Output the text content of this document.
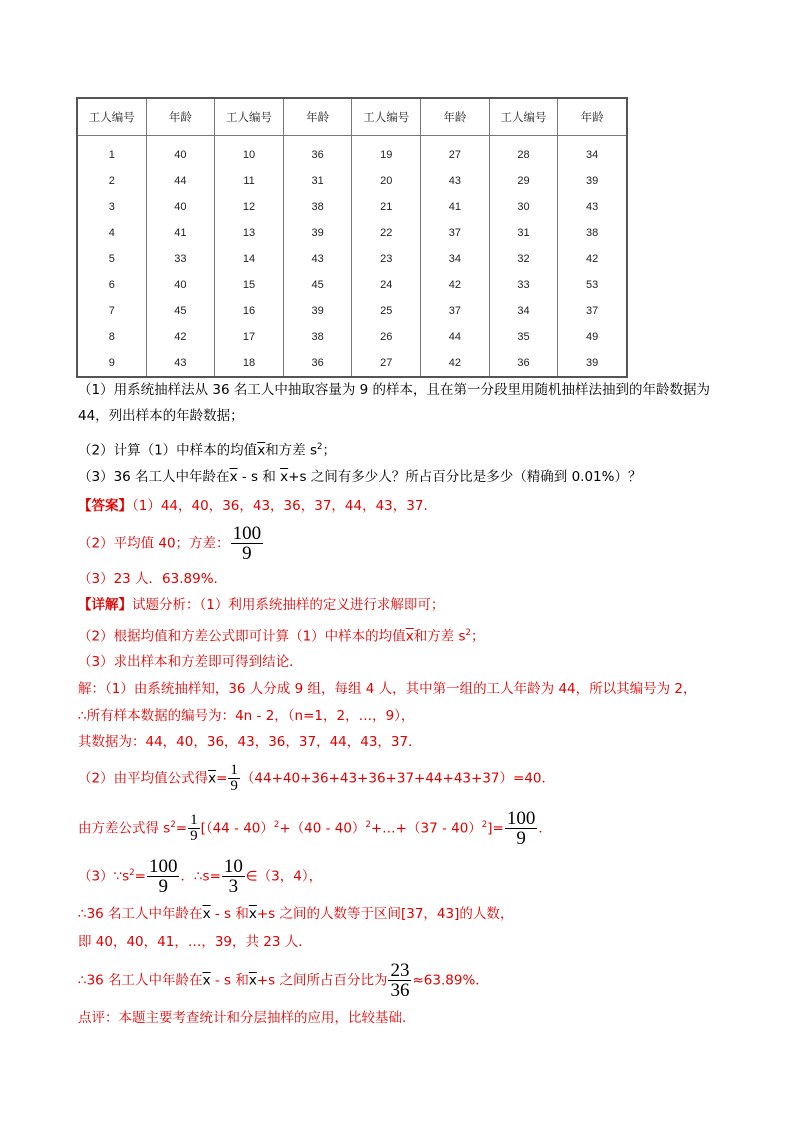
工人编号	年龄	工人编号	年龄	工人编号	年龄	工人编号	年龄
1	40	10	36	19	27	28	34
2	44	11	31	20	43	29	39
3	40	12	38	21	41	30	43
4	41	13	39	22	37	31	38
5	33	14	43	23	34	32	42
6	40	15	45	24	42	33	53
7	45	16	39	25	37	34	37
8	42	17	38	26	44	35	49
9	43	18	36	27	42	36	39
（1）用系统抽样法从 36 名工人中抽取容量为 9 的样本，且在第一分段里用随机抽样法抽到的年龄数据为
44，列出样本的年龄数据；
（2）计算（1）中样本的均值$\overline{x}$和方差 $s^2$；
（3）36 名工人中年龄在$\overline{x}$ - s 和 $\overline{x}+s$ 之间有多少人？所占百分比是多少（精确到 0.01%）？
【答案】（1）44，40，36，43，36，37，44，43，37.
（2）平均值 40；方差： $\frac{100}{9}$
（3）23 人．63.89%．
【详解】试题分析：（1）利用系统抽样的定义进行求解即可；
（2）根据均值和方差公式即可计算（1）中样本的均值$\overline{x}$和方差 $s^2$；
（3）求出样本和方差即可得到结论．
解：（1）由系统抽样知，36 人分成 9 组，每组 4 人，其中第一组的工人年龄为 44，所以其编号为 2，
∴所有样本数据的编号为：4n - 2，（n=1，2，…，9），
其数据为：44，40，36，43，36，37，44，43，37．
（2）由平均值公式得$\overline{x}= \frac{1}{9} (44+40+36+43+36+37+44+43+37)=40$．
由方差公式得 $s^2= \frac{1}{9} [(44 - 40)^2+(40$ - 40）$^2$+…+（37 - $40)^2]= \frac{100}{9}$ ．
$(3)\because s^2= \frac{100}{9}$ ．∴s= $\frac{10}{3}$ ∈（3，4），
∴36 名工人中年龄在$\overline{x}$ - s 和$\overline{x}+s$ 之间的人数等于区间[37，43]的人数，
即 40，40，41，…，39，共 23 人．
∴36 名工人中年龄在$\overline{x}$ - s 和$\overline{x}+s$ 之间所占百分比为 $\frac{23}{36} \approx 63.89\%$．
点评：本题主要考查统计和分层抽样的应用，比较基础.
